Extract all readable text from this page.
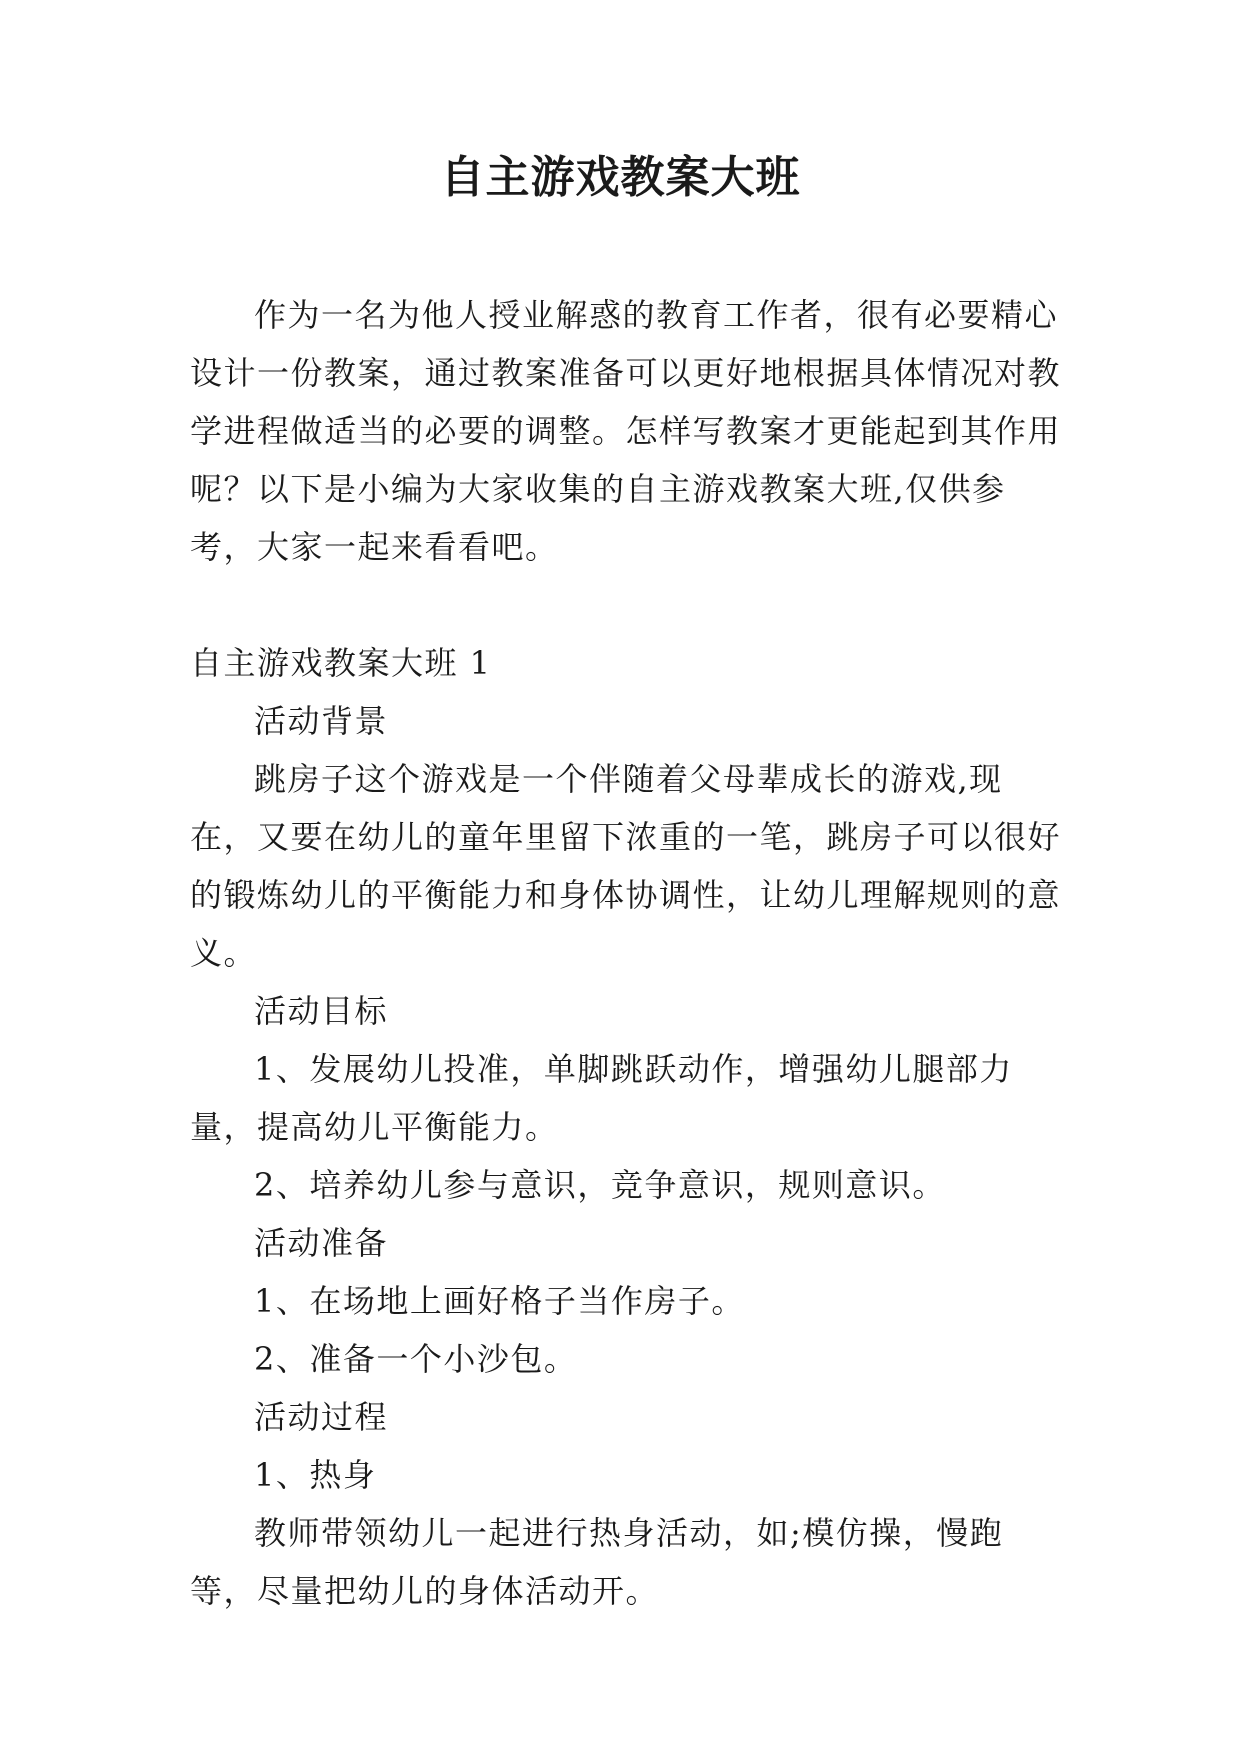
自主游戏教案大班

作为一名为他人授业解惑的教育工作者，很有必要精心设计一份教案，通过教案准备可以更好地根据具体情况对教学进程做适当的必要的调整。怎样写教案才更能起到其作用呢？以下是小编为大家收集的自主游戏教案大班,仅供参考，大家一起来看看吧。

自主游戏教案大班 1

活动背景

跳房子这个游戏是一个伴随着父母辈成长的游戏,现在，又要在幼儿的童年里留下浓重的一笔，跳房子可以很好的锻炼幼儿的平衡能力和身体协调性，让幼儿理解规则的意义。

活动目标

1、发展幼儿投准，单脚跳跃动作，增强幼儿腿部力量，提高幼儿平衡能力。

2、培养幼儿参与意识，竞争意识，规则意识。

活动准备

1、在场地上画好格子当作房子。

2、准备一个小沙包。

活动过程

1、热身

教师带领幼儿一起进行热身活动，如;模仿操，慢跑等，尽量把幼儿的身体活动开。
